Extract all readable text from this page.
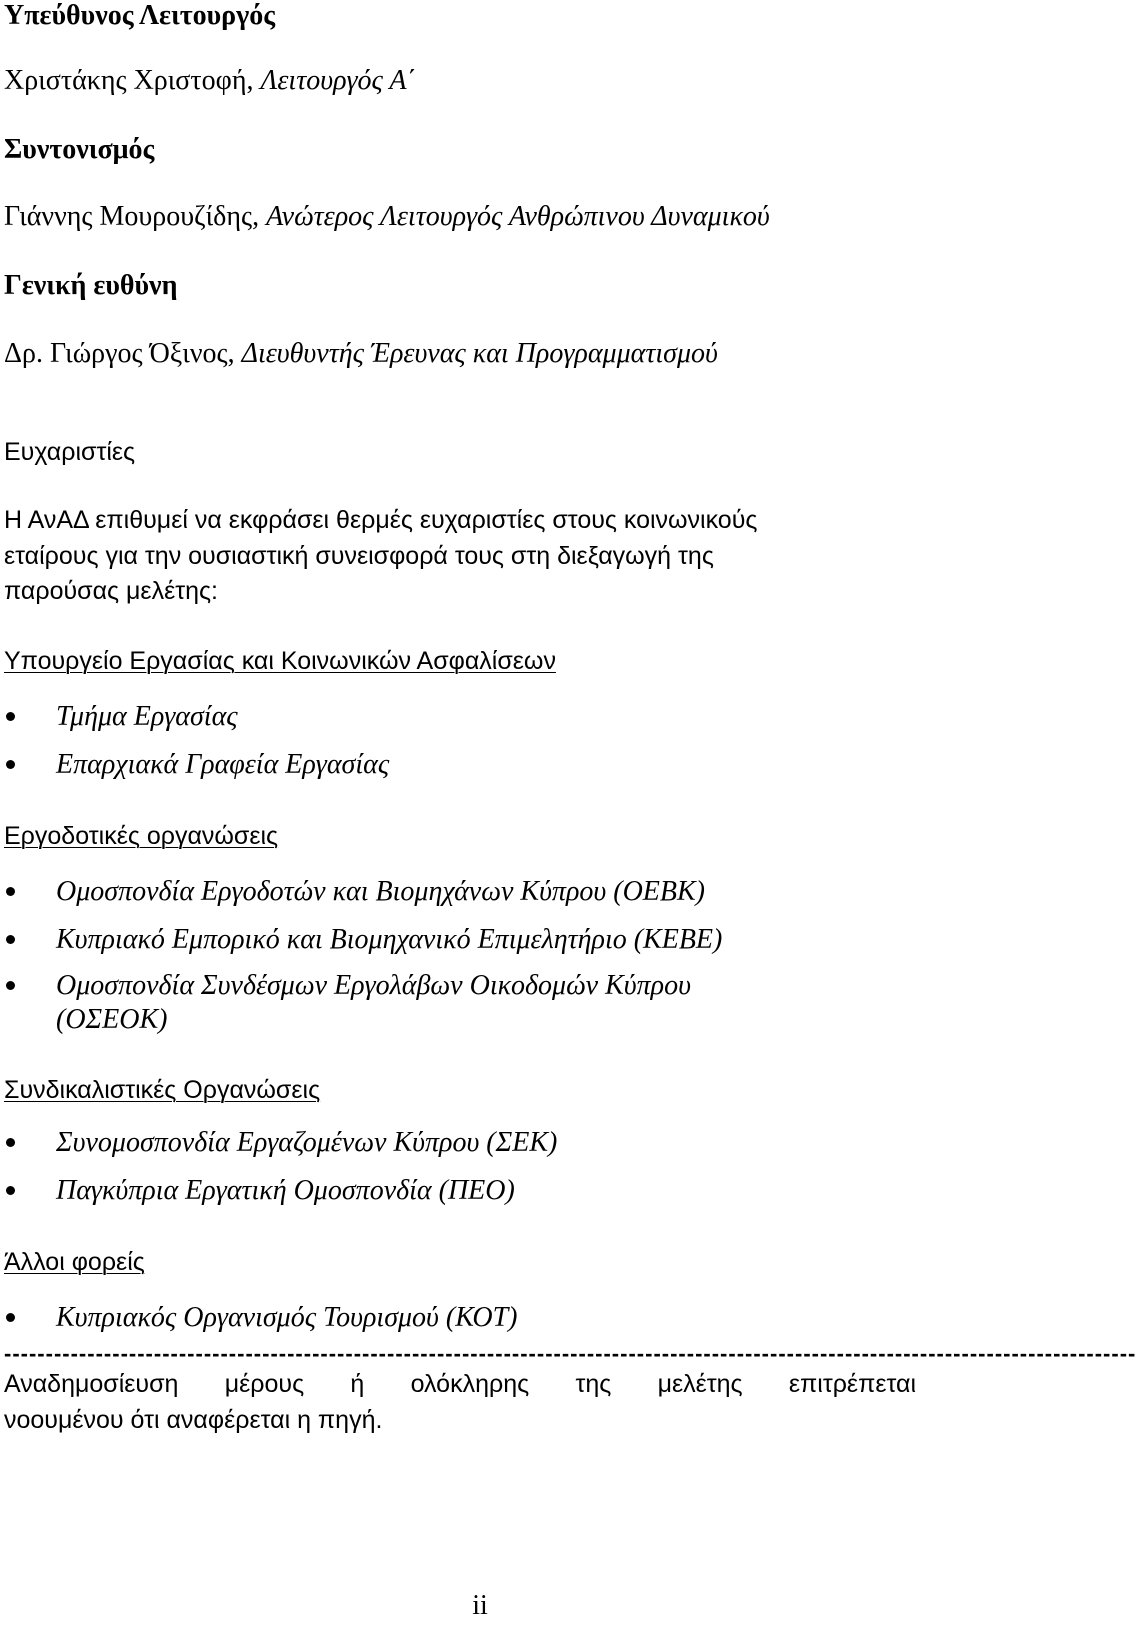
Υπεύθυνος Λειτουργός
Χριστάκης Χριστοφή, Λειτουργός Α΄
Συντονισμός
Γιάννης Μουρουζίδης, Ανώτερος Λειτουργός Ανθρώπινου Δυναμικού
Γενική ευθύνη
Δρ. Γιώργος Όξινος, Διευθυντής Έρευνας και Προγραμματισμού
Ευχαριστίες
Η ΑνΑΔ επιθυμεί να εκφράσει θερμές ευχαριστίες στους κοινωνικούς
εταίρους για την ουσιαστική συνεισφορά τους στη διεξαγωγή της
παρούσας μελέτης:
Υπουργείο Εργασίας και Κοινωνικών Ασφαλίσεων
Τμήμα Εργασίας
Επαρχιακά Γραφεία Εργασίας
Εργοδοτικές οργανώσεις
Ομοσπονδία Εργοδοτών και Βιομηχάνων Κύπρου (ΟΕΒΚ)
Κυπριακό Εμπορικό και Βιομηχανικό Επιμελητήριο (ΚΕΒΕ)
Ομοσπονδία Συνδέσμων Εργολάβων Οικοδομών Κύπρου
(ΟΣΕΟΚ)
Συνδικαλιστικές Οργανώσεις
Συνομοσπονδία Εργαζομένων Κύπρου (ΣΕΚ)
Παγκύπρια Εργατική Ομοσπονδία (ΠΕΟ)
Άλλοι φορείς
Κυπριακός Οργανισμός Τουρισμού (ΚΟΤ)
----------------------------------------------------------------------------------------------------------------------------------------
Αναδημοσίευση μέρους ή ολόκληρης της μελέτης επιτρέπεται
νοουμένου ότι αναφέρεται η πηγή.
ii
